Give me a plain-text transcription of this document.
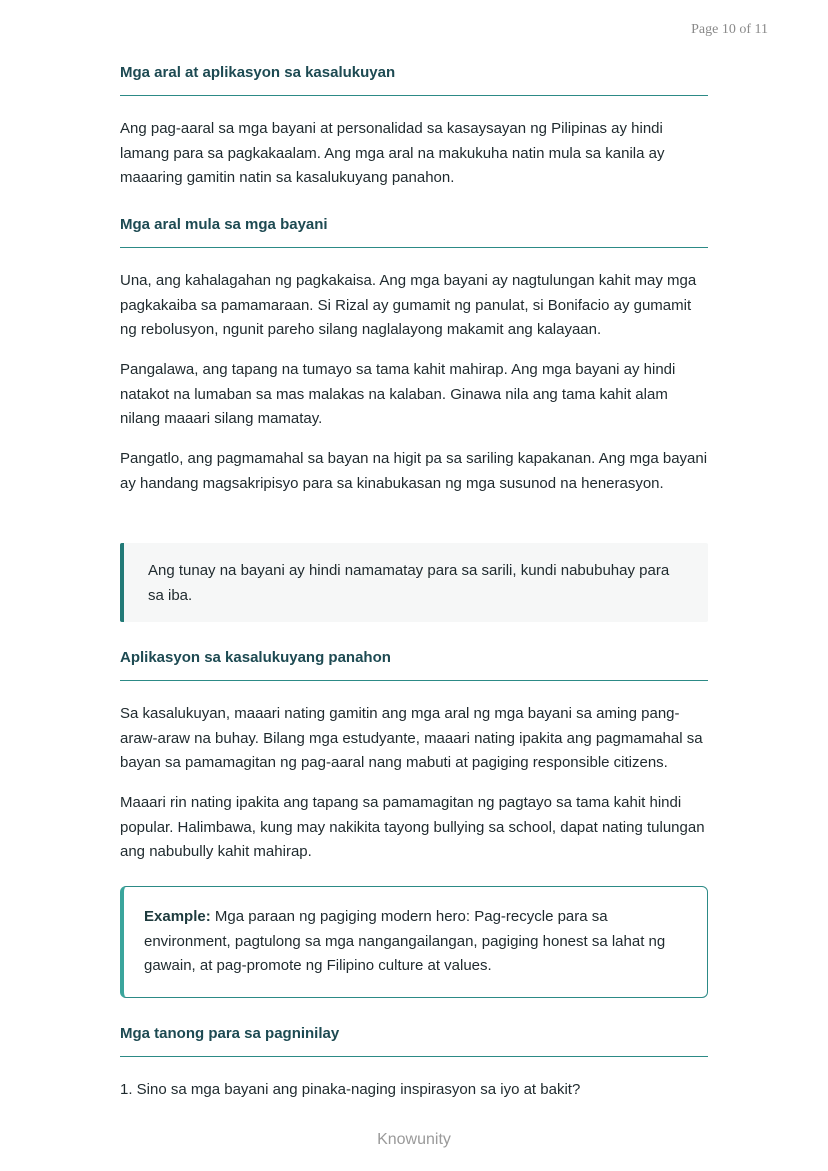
Page 10 of 11
Mga aral at aplikasyon sa kasalukuyan

Ang pag-aaral sa mga bayani at personalidad sa kasaysayan ng Pilipinas ay hindi lamang para sa pagkakaalam. Ang mga aral na makukuha natin mula sa kanila ay maaaring gamitin natin sa kasalukuyang panahon.

Mga aral mula sa mga bayani

Una, ang kahalagahan ng pagkakaisa. Ang mga bayani ay nagtulungan kahit may mga pagkakaiba sa pamamaraan. Si Rizal ay gumamit ng panulat, si Bonifacio ay gumamit ng rebolusyon, ngunit pareho silang naglalayong makamit ang kalayaan.

Pangalawa, ang tapang na tumayo sa tama kahit mahirap. Ang mga bayani ay hindi natakot na lumaban sa mas malakas na kalaban. Ginawa nila ang tama kahit alam nilang maaari silang mamatay.

Pangatlo, ang pagmamahal sa bayan na higit pa sa sariling kapakanan. Ang mga bayani ay handang magsakripisyo para sa kinabukasan ng mga susunod na henerasyon.

Ang tunay na bayani ay hindi namamatay para sa sarili, kundi nabubuhay para sa iba.

Aplikasyon sa kasalukuyang panahon

Sa kasalukuyan, maaari nating gamitin ang mga aral ng mga bayani sa aming pang-araw-araw na buhay. Bilang mga estudyante, maaari nating ipakita ang pagmamahal sa bayan sa pamamagitan ng pag-aaral nang mabuti at pagiging responsible citizens.

Maaari rin nating ipakita ang tapang sa pamamagitan ng pagtayo sa tama kahit hindi popular. Halimbawa, kung may nakikita tayong bullying sa school, dapat nating tulungan ang nabubully kahit mahirap.

Example: Mga paraan ng pagiging modern hero: Pag-recycle para sa environment, pagtulong sa mga nangangailangan, pagiging honest sa lahat ng gawain, at pag-promote ng Filipino culture at values.

Mga tanong para sa pagninilay

1. Sino sa mga bayani ang pinaka-naging inspirasyon sa iyo at bakit?

Knowunity
